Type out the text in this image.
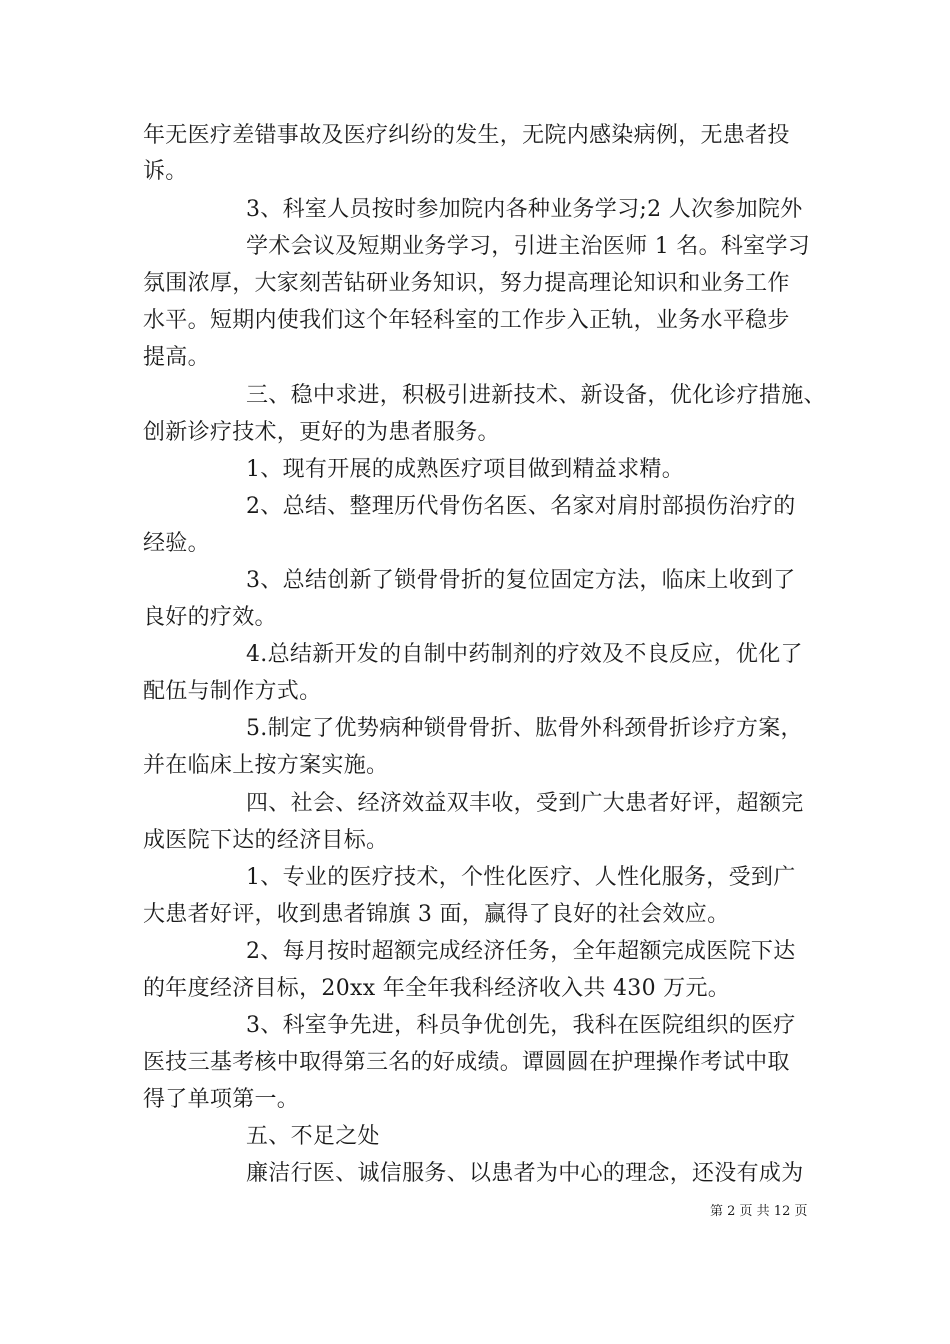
年无医疗差错事故及医疗纠纷的发生，无院内感染病例，无患者投
诉。
3、科室人员按时参加院内各种业务学习;2 人次参加院外
学术会议及短期业务学习，引进主治医师 1 名。科室学习
氛围浓厚，大家刻苦钻研业务知识，努力提高理论知识和业务工作
水平。短期内使我们这个年轻科室的工作步入正轨，业务水平稳步
提高。
三、稳中求进，积极引进新技术、新设备，优化诊疗措施、
创新诊疗技术，更好的为患者服务。
1、现有开展的成熟医疗项目做到精益求精。
2、总结、整理历代骨伤名医、名家对肩肘部损伤治疗的
经验。
3、总结创新了锁骨骨折的复位固定方法，临床上收到了
良好的疗效。
4.总结新开发的自制中药制剂的疗效及不良反应，优化了
配伍与制作方式。
5.制定了优势病种锁骨骨折、肱骨外科颈骨折诊疗方案，
并在临床上按方案实施。
四、社会、经济效益双丰收，受到广大患者好评，超额完
成医院下达的经济目标。
1、专业的医疗技术，个性化医疗、人性化服务，受到广
大患者好评，收到患者锦旗 3 面，赢得了良好的社会效应。
2、每月按时超额完成经济任务，全年超额完成医院下达
的年度经济目标，20xx 年全年我科经济收入共 430 万元。
3、科室争先进，科员争优创先，我科在医院组织的医疗
医技三基考核中取得第三名的好成绩。谭圆圆在护理操作考试中取
得了单项第一。
五、不足之处
廉洁行医、诚信服务、以患者为中心的理念，还没有成为
第 2 页 共 12 页
